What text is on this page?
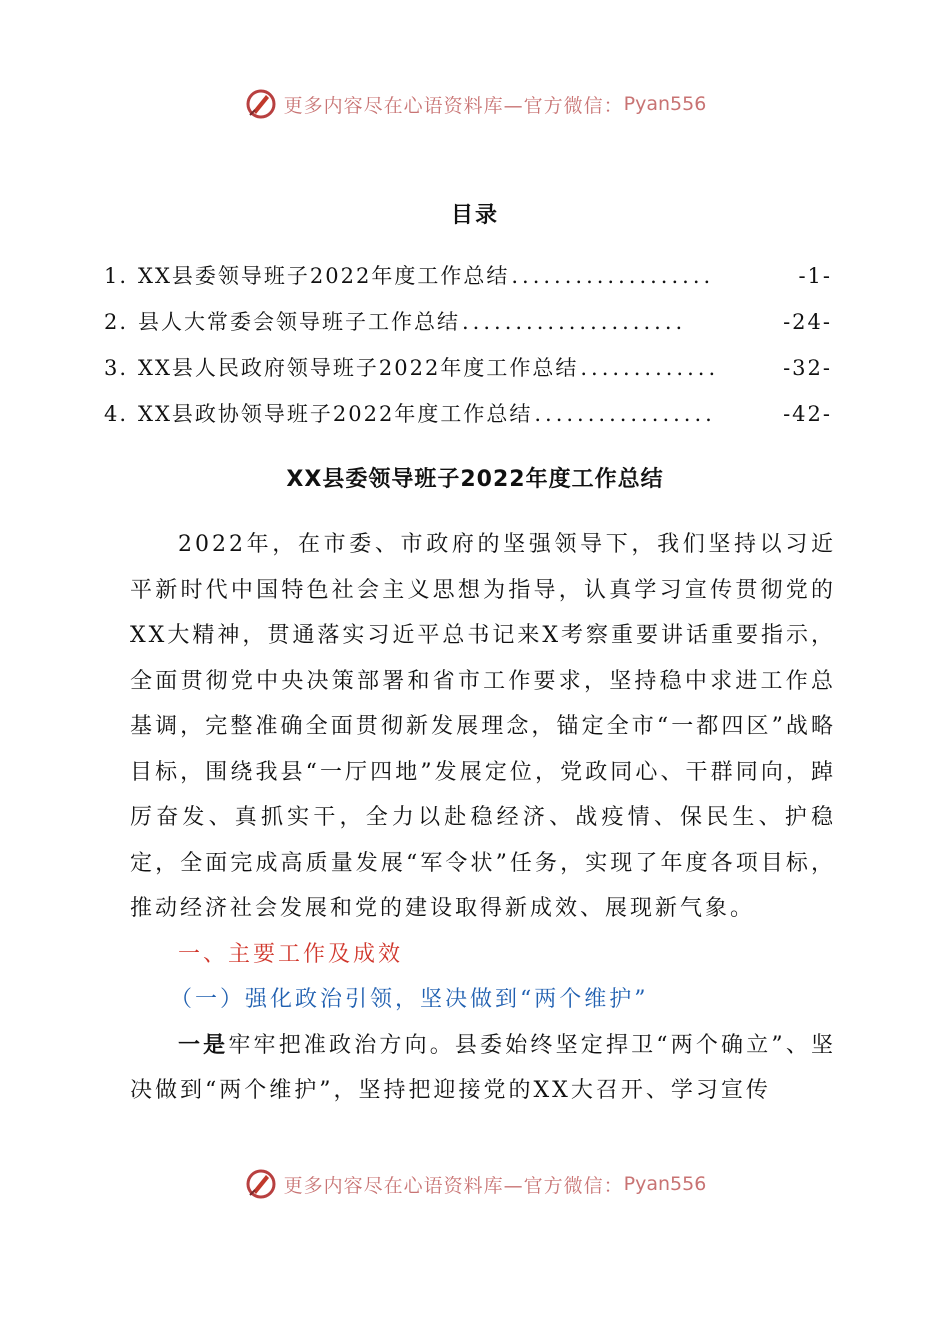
更多内容尽在心语资料库—官方微信： Pyan556
目录
1. XX县委领导班子2022年度工作总结 ...................	-1-
2. 县人大常委会领导班子工作总结 .....................	-24-
3. XX县人民政府领导班子2022年度工作总结 .............	-32-
4. XX县政协领导班子2022年度工作总结 .................	-42-
XX县委领导班子2022年度工作总结

2022年，在市委、市政府的坚强领导下，我们坚持以习近平新时代中国特色社会主义思想为指导，认真学习宣传贯彻党的XX大精神，贯通落实习近平总书记来X考察重要讲话重要指示，全面贯彻党中央决策部署和省市工作要求，坚持稳中求进工作总基调，完整准确全面贯彻新发展理念，锚定全市“一都四区”战略目标，围绕我县“一厅四地”发展定位，党政同心、干群同向，踔厉奋发、真抓实干，全力以赴稳经济、战疫情、保民生、护稳定，全面完成高质量发展“军令状”任务，实现了年度各项目标，推动经济社会发展和党的建设取得新成效、展现新气象。

一、主要工作及成效

（一）强化政治引领，坚决做到“两个维护”

一是牢牢把准政治方向。县委始终坚定捍卫“两个确立”、坚决做到“两个维护”，坚持把迎接党的XX大召开、学习宣传

更多内容尽在心语资料库—官方微信： Pyan556
